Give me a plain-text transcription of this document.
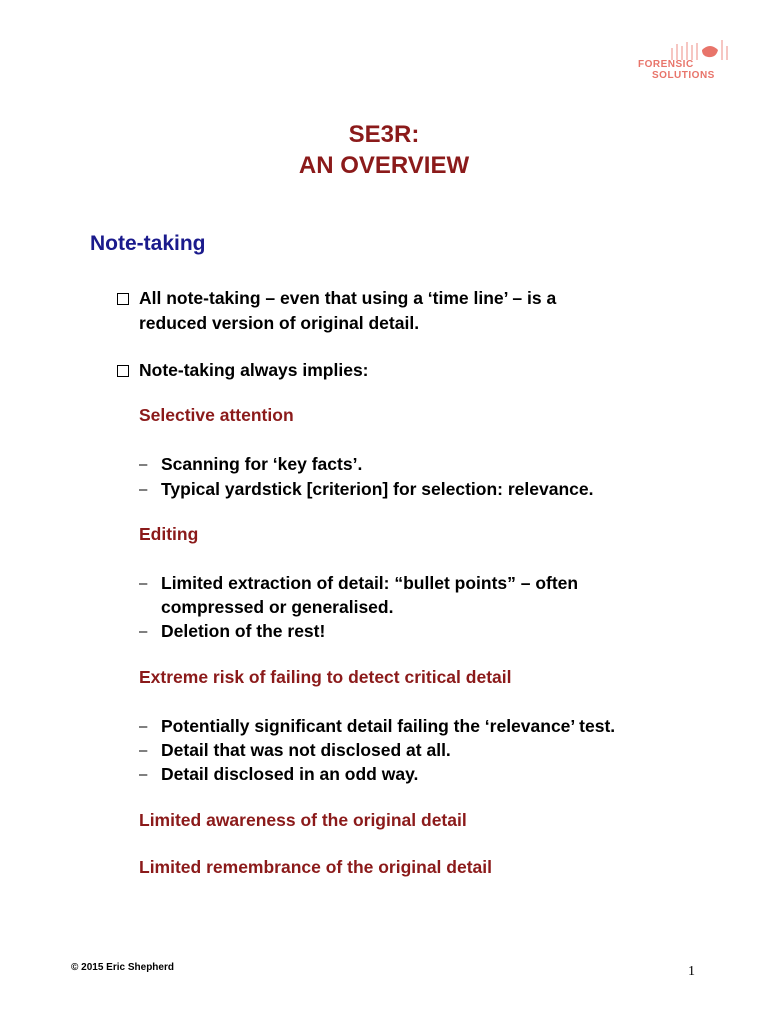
FORENSIC
SOLUTIONS
SE3R:
AN OVERVIEW
Note-taking
All note-taking – even that using a ‘time line’ – is a
reduced version of original detail.
Note-taking always implies:
Selective attention
– Scanning for ‘key facts’.
– Typical yardstick [criterion] for selection: relevance.
Editing
– Limited extraction of detail: “bullet points” – often
compressed or generalised.
– Deletion of the rest!
Extreme risk of failing to detect critical detail
– Potentially significant detail failing the ‘relevance’ test.
– Detail that was not disclosed at all.
– Detail disclosed in an odd way.
Limited awareness of the original detail
Limited remembrance of the original detail
© 2015 Eric Shepherd	1
